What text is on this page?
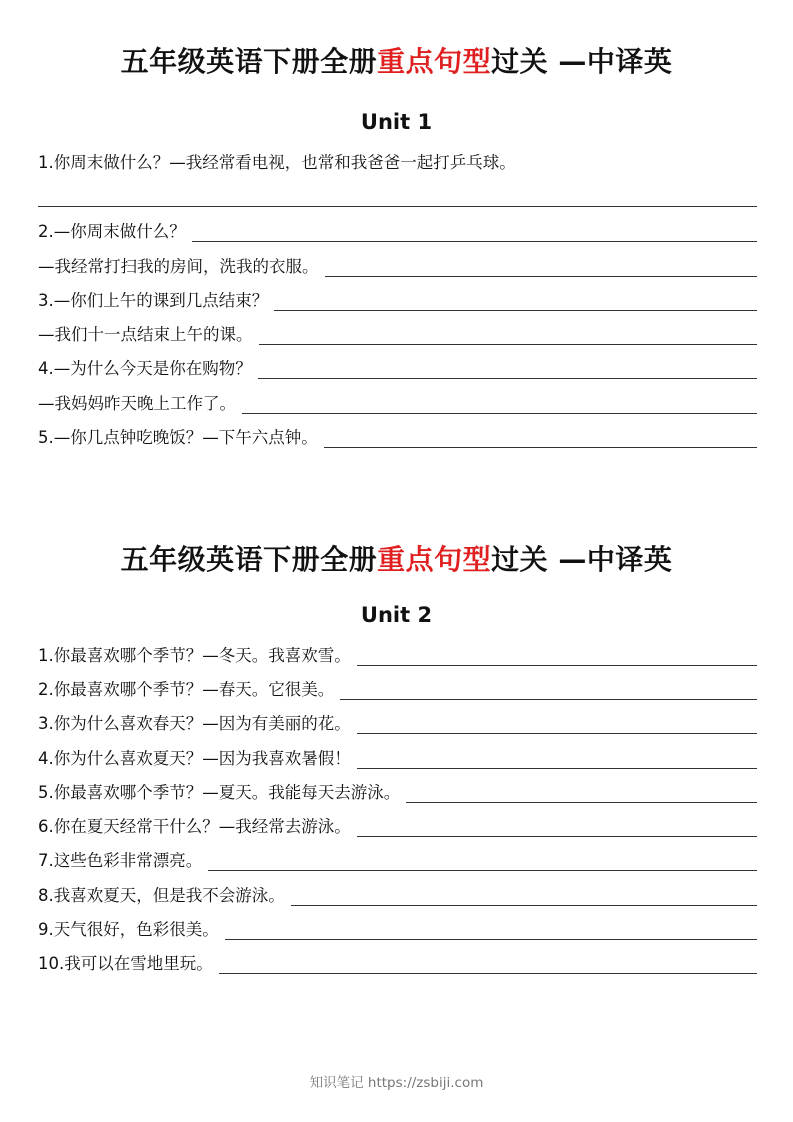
五年级英语下册全册重点句型过关 —中译英
Unit 1
1.你周末做什么？—我经常看电视，也常和我爸爸一起打乒乓球。
2.—你周末做什么？
—我经常打扫我的房间，洗我的衣服。
3.—你们上午的课到几点结束？
—我们十一点结束上午的课。
4.—为什么今天是你在购物？
—我妈妈昨天晚上工作了。
5.—你几点钟吃晚饭？—下午六点钟。
五年级英语下册全册重点句型过关 —中译英
Unit 2
1.你最喜欢哪个季节？—冬天。我喜欢雪。
2.你最喜欢哪个季节？—春天。它很美。
3.你为什么喜欢春天？—因为有美丽的花。
4.你为什么喜欢夏天？—因为我喜欢暑假！
5.你最喜欢哪个季节？—夏天。我能每天去游泳。
6.你在夏天经常干什么？—我经常去游泳。
7.这些色彩非常漂亮。
8.我喜欢夏天，但是我不会游泳。
9.天气很好，色彩很美。
10.我可以在雪地里玩。
知识笔记 https://zsbiji.com
